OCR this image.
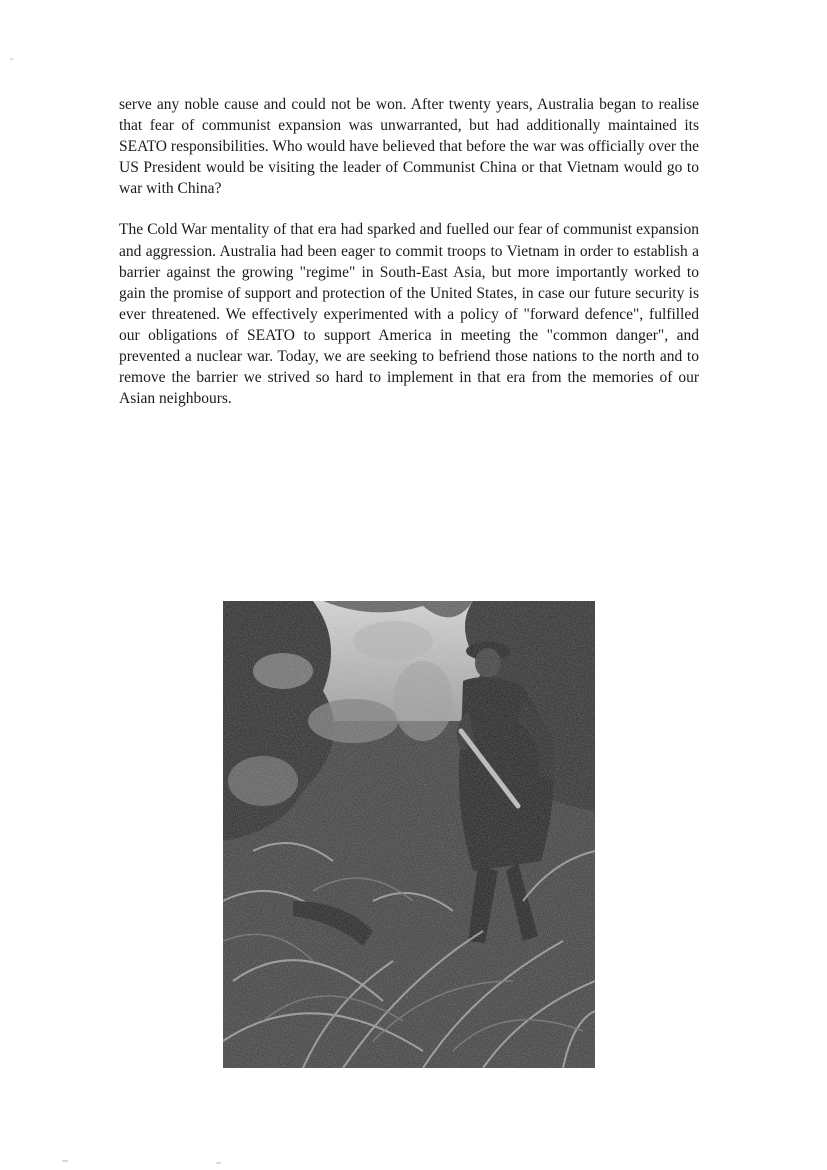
serve any noble cause and could not be won. After twenty years, Australia began to realise that fear of communist expansion was unwarranted, but had additionally maintained its SEATO responsibilities. Who would have believed that before the war was officially over the US President would be visiting the leader of Communist China or that Vietnam would go to war with China?

The Cold War mentality of that era had sparked and fuelled our fear of communist expansion and aggression. Australia had been eager to commit troops to Vietnam in order to establish a barrier against the growing "regime" in South-East Asia, but more importantly worked to gain the promise of support and protection of the United States, in case our future security is ever threatened. We effectively experimented with a policy of "forward defence", fulfilled our obligations of SEATO to support America in meeting the "common danger", and prevented a nuclear war. Today, we are seeking to befriend those nations to the north and to remove the barrier we strived so hard to implement in that era from the memories of our Asian neighbours.
